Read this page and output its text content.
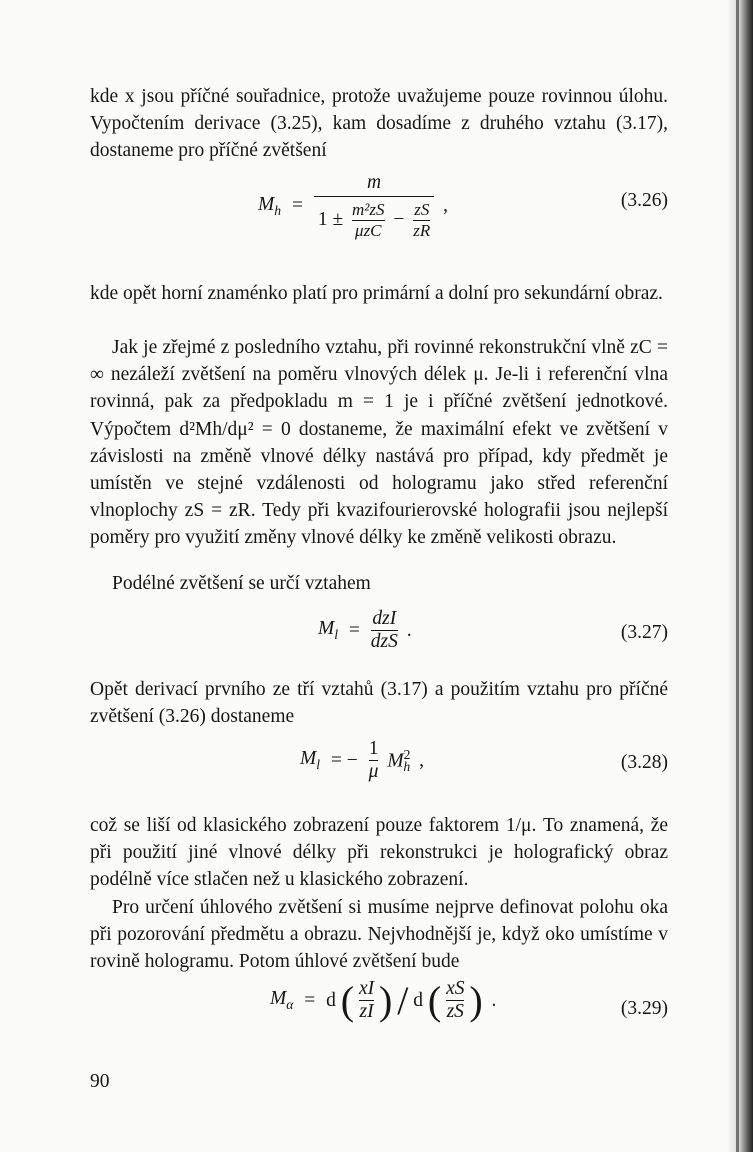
kde x jsou příčné souřadnice, protože uvažujeme pouze rovinnou úlohu. Vypočtením derivace (3.25), kam dosadíme z druhého vztahu (3.17), dostaneme pro příčné zvětšení

$M_h$ =
m
$1 \pm \frac{\text{m²zS}}{\text{μzC}} - \frac{zS}{zR}$ ,	(3.26)

kde opět horní znaménko platí pro primární a dolní pro sekundární obraz.

Jak je zřejmé z posledního vztahu, při rovinné rekonstrukční vlně zC = ∞ nezáleží zvětšení na poměru vlnových délek μ. Je-li i referenční vlna rovinná, pak za předpokladu m = 1 je i příčné zvětšení jednotkové. Výpočtem d²Mh/dμ² = 0 dostaneme, že maximální efekt ve zvětšení v závislosti na změně vlnové délky nastává pro případ, kdy předmět je umístěn ve stejné vzdálenosti od hologramu jako střed referenční vlnoplochy zS = zR. Tedy při kvazifourierovské holografii jsou nejlepší poměry pro využití změny vlnové délky ke změně velikosti obrazu.

Podélné zvětšení se určí vztahem

$M_l = \frac{\text{dzI}}{\text{dzS}}$ .	(3.27)

Opět derivací prvního ze tří vztahů (3.17) a použitím vztahu pro příčné zvětšení (3.26) dostaneme

$M_l$ = − $\frac{1}{\mu} M^2_h$ ,	(3.28)

což se liší od klasického zobrazení pouze faktorem 1/μ. To znamená, že při použití jiné vlnové délky při rekonstrukci je holografický obraz podélně více stlačen než u klasického zobrazení.

Pro určení úhlového zvětšení si musíme nejprve definovat polohu oka při pozorování předmětu a obrazu. Nejvhodnější je, když oko umístíme v rovině hologramu. Potom úhlové zvětšení bude

$M_\alpha = d$ ( $\frac{xI}{zI}$ ) / d ( $\frac{xS}{zS}$ ) .	(3.29)
90
